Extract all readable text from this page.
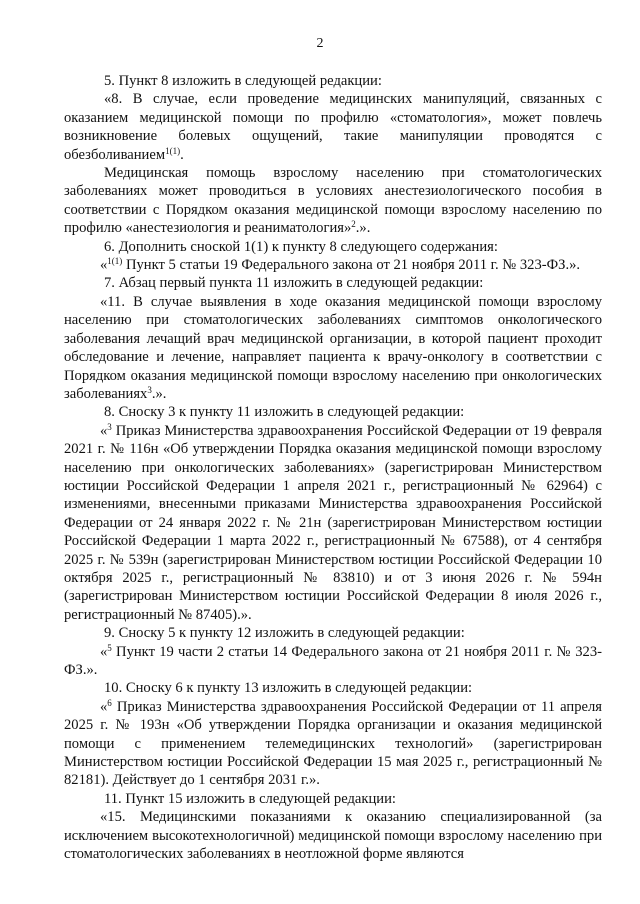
2

5. Пункт 8 изложить в следующей редакции:

«8. В случае, если проведение медицинских манипуляций, связанных с оказанием медицинской помощи по профилю «стоматология», может повлечь возникновение болевых ощущений, такие манипуляции проводятся с обезболиванием$^{1(1)}$.

Медицинская помощь взрослому населению при стоматологических заболеваниях может проводиться в условиях анестезиологического пособия в соответствии с Порядком оказания медицинской помощи взрослому населению по профилю «анестезиология и реаниматология»$^2$.».

6. Дополнить сноской 1(1) к пункту 8 следующего содержания:

«$^{1(1)}$ Пункт 5 статьи 19 Федерального закона от 21 ноября 2011 г. № 323-ФЗ.».

7. Абзац первый пункта 11 изложить в следующей редакции:

«11. В случае выявления в ходе оказания медицинской помощи взрослому населению при стоматологических заболеваниях симптомов онкологического заболевания лечащий врач медицинской организации, в которой пациент проходит обследование и лечение, направляет пациента к врачу-онкологу в соответствии с Порядком оказания медицинской помощи взрослому населению при онкологических заболеваниях$^3$.».

8. Сноску 3 к пункту 11 изложить в следующей редакции:

«$^3$ Приказ Министерства здравоохранения Российской Федерации от 19 февраля 2021 г. № 116н «Об утверждении Порядка оказания медицинской помощи взрослому населению при онкологических заболеваниях» (зарегистрирован Министерством юстиции Российской Федерации 1 апреля 2021 г., регистрационный № 62964) с изменениями, внесенными приказами Министерства здравоохранения Российской Федерации от 24 января 2022 г. № 21н (зарегистрирован Министерством юстиции Российской Федерации 1 марта 2022 г., регистрационный № 67588), от 4 сентября 2025 г. № 539н (зарегистрирован Министерством юстиции Российской Федерации 10 октября 2025 г., регистрационный № 83810) и от 3 июня 2026 г. № 594н (зарегистрирован Министерством юстиции Российской Федерации 8 июля 2026 г., регистрационный № 87405).».

9. Сноску 5 к пункту 12 изложить в следующей редакции:

«$^5$ Пункт 19 части 2 статьи 14 Федерального закона от 21 ноября 2011 г. № 323-ФЗ.».

10. Сноску 6 к пункту 13 изложить в следующей редакции:

«$^6$ Приказ Министерства здравоохранения Российской Федерации от 11 апреля 2025 г. № 193н «Об утверждении Порядка организации и оказания медицинской помощи с применением телемедицинских технологий» (зарегистрирован Министерством юстиции Российской Федерации 15 мая 2025 г., регистрационный № 82181). Действует до 1 сентября 2031 г.».

11. Пункт 15 изложить в следующей редакции:

«15. Медицинскими показаниями к оказанию специализированной (за исключением высокотехнологичной) медицинской помощи взрослому населению при стоматологических заболеваниях в неотложной форме являются
